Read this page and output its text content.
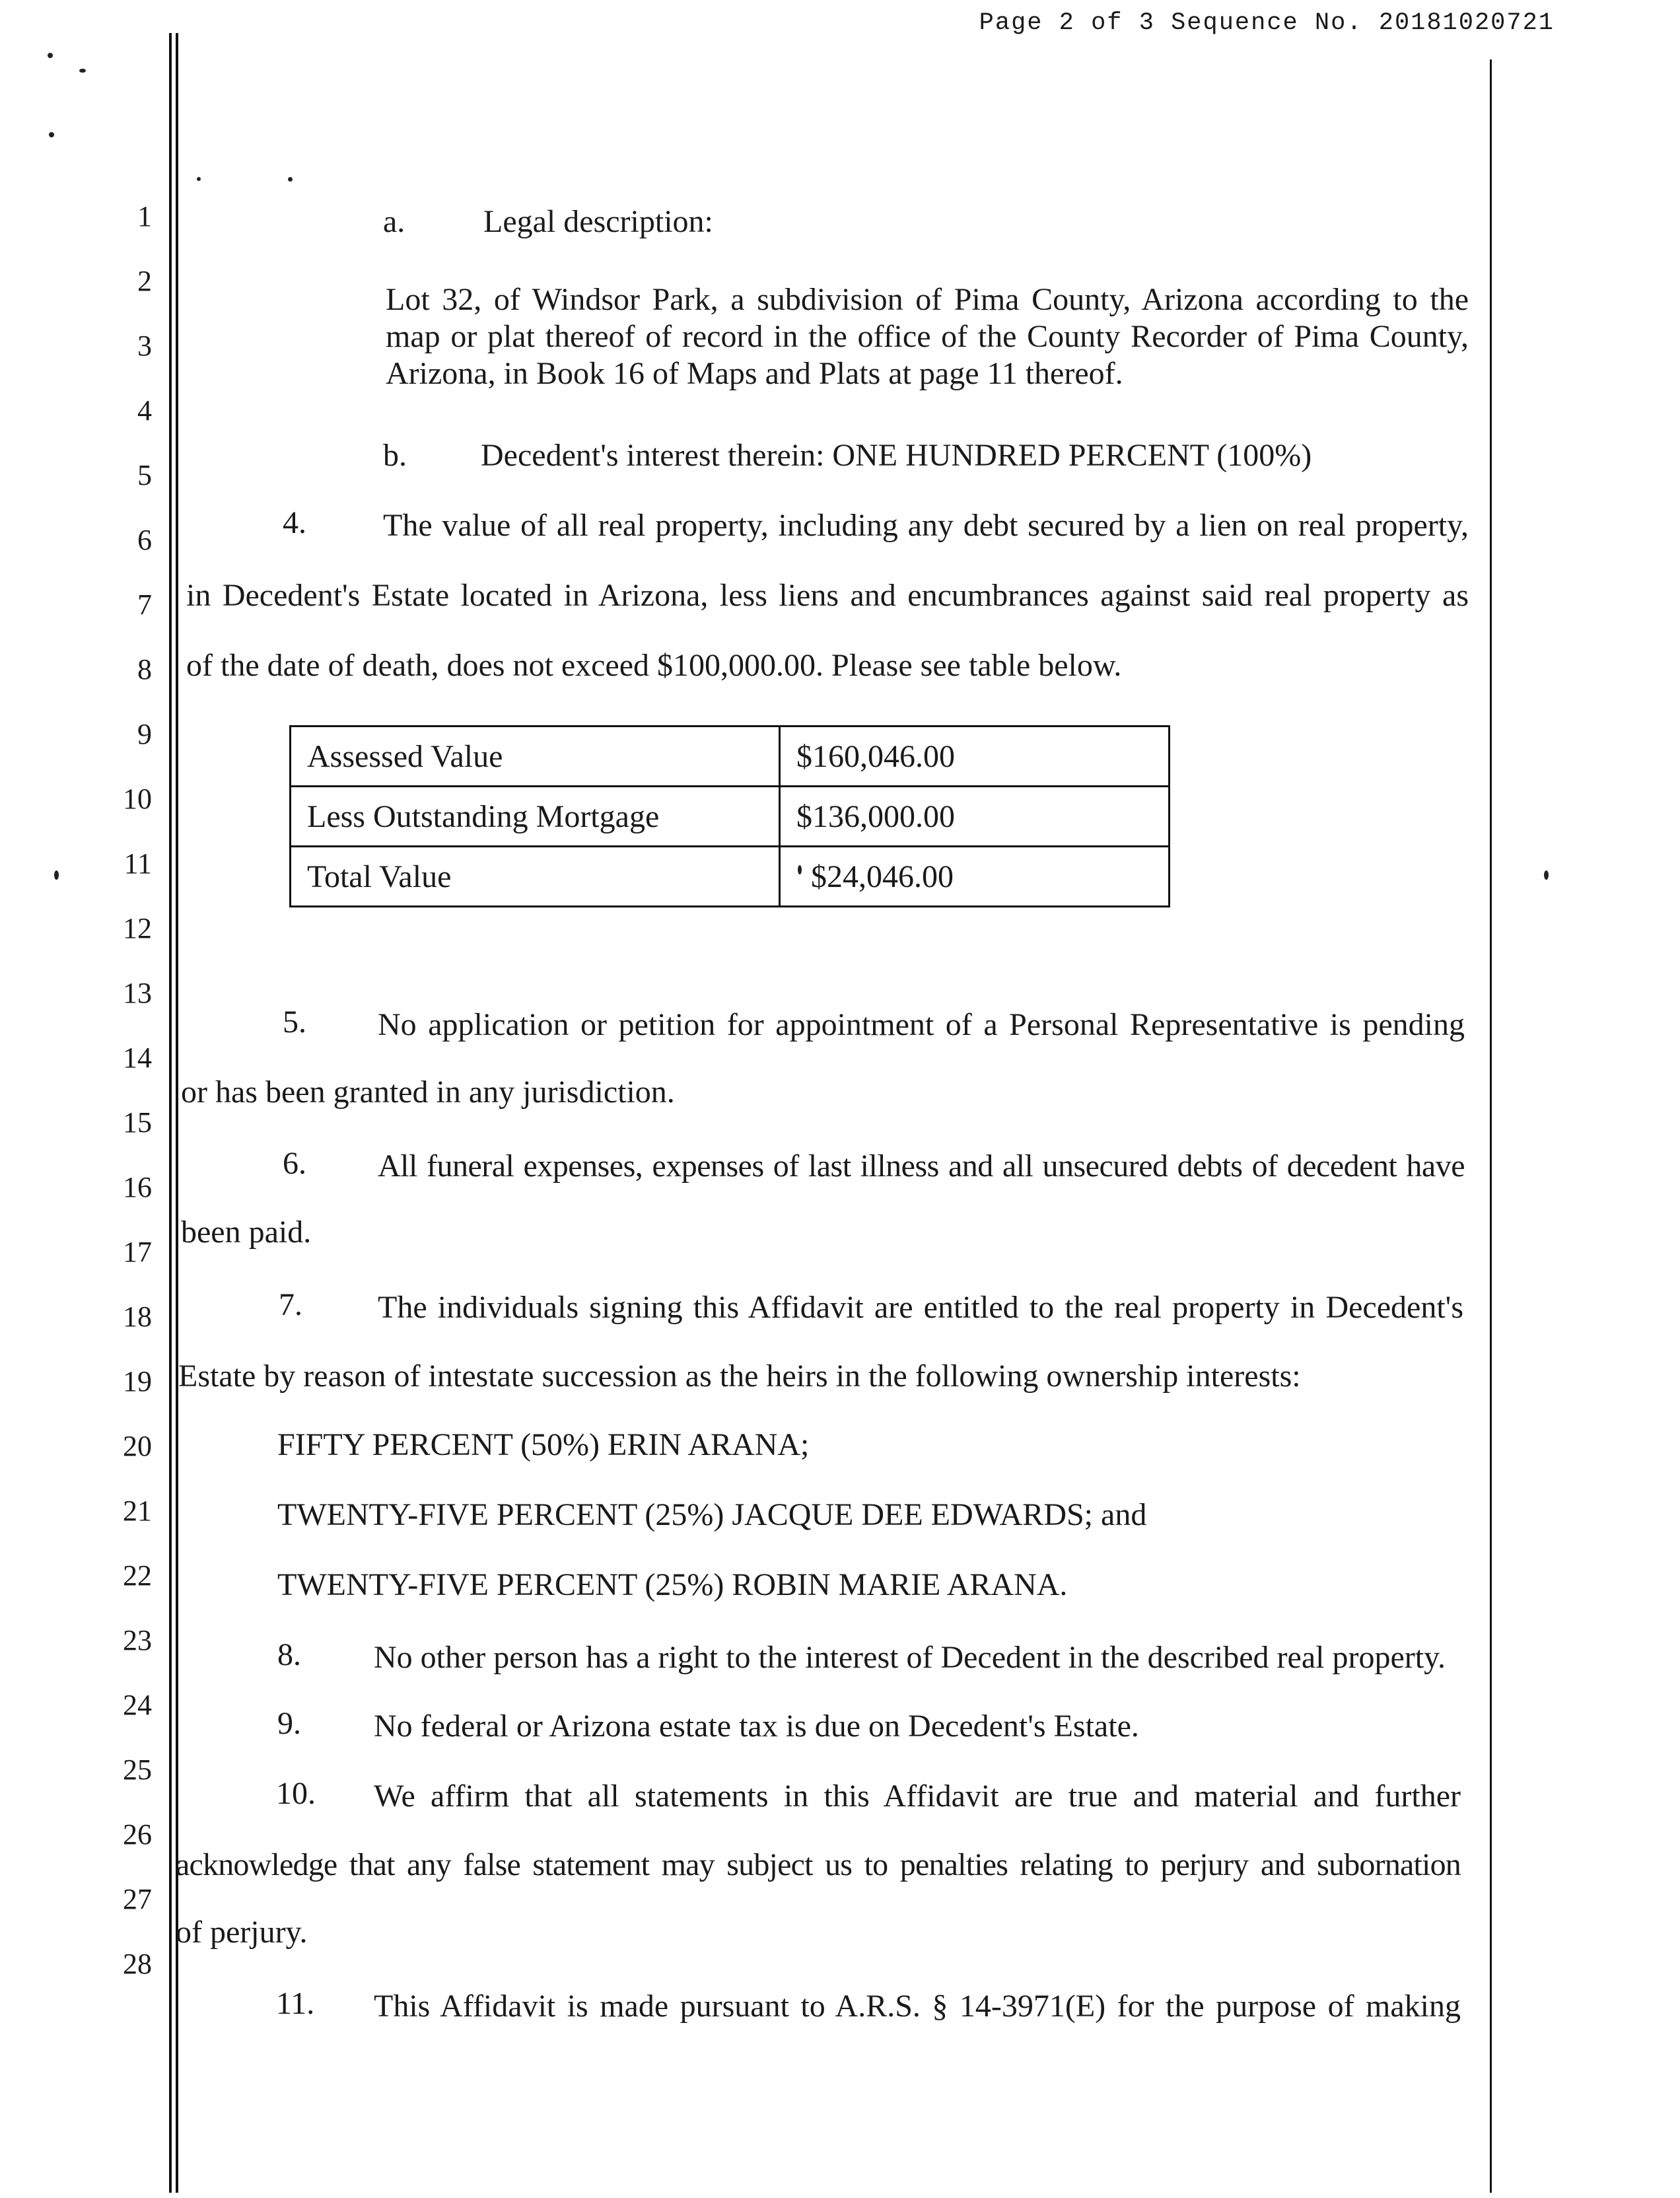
Page 2 of 3 Sequence No. 20181020721
1
2
3
4
5
6
7
8
9
10
11
12
13
14
15
16
17
18
19
20
21
22
23
24
25
26
27
28
a. Legal description:
Lot 32, of Windsor Park, a subdivision of Pima County, Arizona according to the
map or plat thereof of record in the office of the County Recorder of Pima County,
Arizona, in Book 16 of Maps and Plats at page 11 thereof.
b. Decedent's interest therein: ONE HUNDRED PERCENT (100%)
4. The value of all real property, including any debt secured by a lien on real property,
in Decedent's Estate located in Arizona, less liens and encumbrances against said real property as
of the date of death, does not exceed $100,000.00. Please see table below.
Assessed Value	$160,046.00
Less Outstanding Mortgage	$136,000.00
Total Value	$24,046.00
5. No application or petition for appointment of a Personal Representative is pending
or has been granted in any jurisdiction.
6. All funeral expenses, expenses of last illness and all unsecured debts of decedent have
been paid.
7. The individuals signing this Affidavit are entitled to the real property in Decedent's
Estate by reason of intestate succession as the heirs in the following ownership interests:
FIFTY PERCENT (50%) ERIN ARANA;
TWENTY-FIVE PERCENT (25%) JACQUE DEE EDWARDS; and
TWENTY-FIVE PERCENT (25%) ROBIN MARIE ARANA.
8. No other person has a right to the interest of Decedent in the described real property.
9. No federal or Arizona estate tax is due on Decedent's Estate.
10. We affirm that all statements in this Affidavit are true and material and further
acknowledge that any false statement may subject us to penalties relating to perjury and subornation
of perjury.
11. This Affidavit is made pursuant to A.R.S. § 14-3971(E) for the purpose of making
